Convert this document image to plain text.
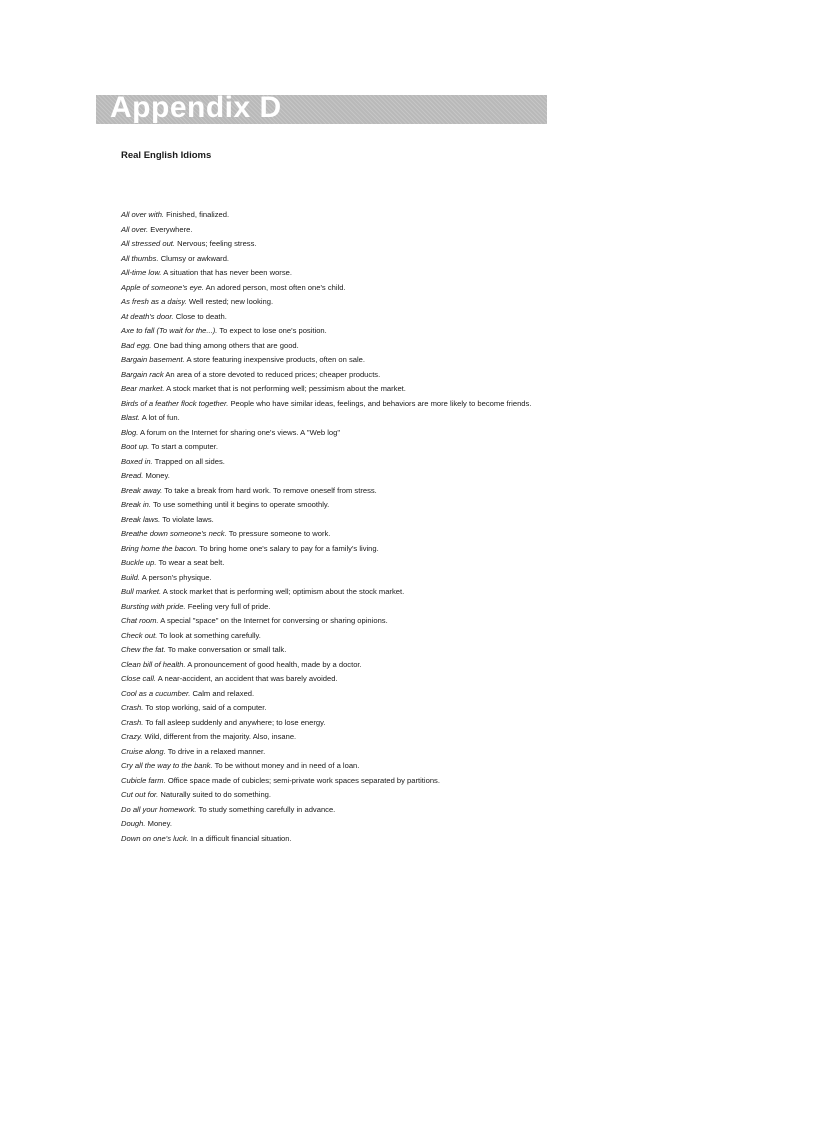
Appendix D
Real English Idioms
All over with. Finished, finalized.
All over. Everywhere.
All stressed out. Nervous; feeling stress.
All thumbs. Clumsy or awkward.
All-time low. A situation that has never been worse.
Apple of someone's eye. An adored person, most often one's child.
As fresh as a daisy. Well rested; new looking.
At death's door. Close to death.
Axe to fall (To wait for the...). To expect to lose one's position.
Bad egg. One bad thing among others that are good.
Bargain basement. A store featuring inexpensive products, often on sale.
Bargain rack An area of a store devoted to reduced prices; cheaper products.
Bear market. A stock market that is not performing well; pessimism about the market.
Birds of a feather flock together. People who have similar ideas, feelings, and behaviors are more likely to become friends.
Blast. A lot of fun.
Blog. A forum on the Internet for sharing one's views. A "Web log"
Boot up. To start a computer.
Boxed in. Trapped on all sides.
Bread. Money.
Break away. To take a break from hard work. To remove oneself from stress.
Break in. To use something until it begins to operate smoothly.
Break laws. To violate laws.
Breathe down someone's neck. To pressure someone to work.
Bring home the bacon. To bring home one's salary to pay for a family's living.
Buckle up. To wear a seat belt.
Build. A person's physique.
Bull market. A stock market that is performing well; optimism about the stock market.
Bursting with pride. Feeling very full of pride.
Chat room. A special "space" on the Internet for conversing or sharing opinions.
Check out. To look at something carefully.
Chew the fat. To make conversation or small talk.
Clean bill of health. A pronouncement of good health, made by a doctor.
Close call. A near-accident, an accident that was barely avoided.
Cool as a cucumber. Calm and relaxed.
Crash. To stop working, said of a computer.
Crash. To fall asleep suddenly and anywhere; to lose energy.
Crazy. Wild, different from the majority. Also, insane.
Cruise along. To drive in a relaxed manner.
Cry all the way to the bank. To be without money and in need of a loan.
Cubicle farm. Office space made of cubicles; semi-private work spaces separated by partitions.
Cut out for. Naturally suited to do something.
Do all your homework. To study something carefully in advance.
Dough. Money.
Down on one's luck. In a difficult financial situation.
